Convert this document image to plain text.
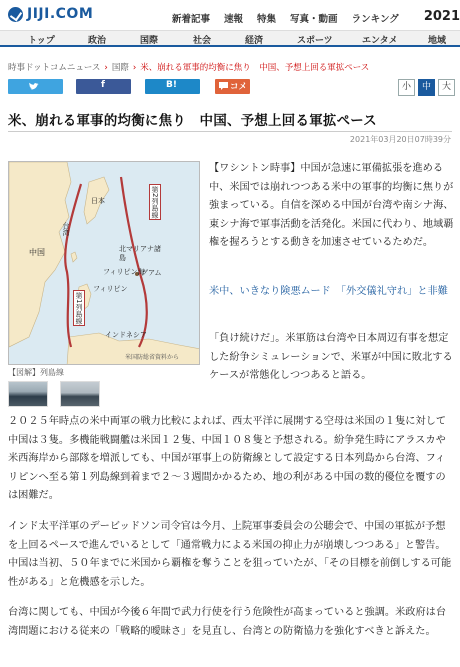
JIJI.COM	新着記事 速報 特集 写真・動画 ランキング 2021
トップ	政治	国際	社会	経済	スポーツ	エンタメ	地域
時事ドットコムニュース › 国際 › 米、崩れる軍事的均衡に焦り　中国、予想上回る軍拡ペース
f	B!	コメント
小	中	大
米、崩れる軍事的均衡に焦り　中国、予想上回る軍拡ペース
2021年03月20日07時39分
中国
日本
台湾
フィリピン
フィリピン海
北マリアナ諸島
グアム
インドネシア
第1列島線
第2列島線
米国防総省資料から
【図解】列島線

【ワシントン時事】中国が急速に軍備拡張を進める中、米国では崩れつつある米中の軍事的均衡に焦りが強まっている。自信を深める中国が台湾や南シナ海、東シナ海で軍事活動を活発化。米国に代わり、地域覇権を握ろうとする動きを加速させているためだ。

米中、いきなり険悪ムード　「外交儀礼守れ」と非難

「負け続けだ」。米軍筋は台湾や日本周辺有事を想定した紛争シミュレーションで、米軍が中国に敗北するケースが常態化しつつあると語る。

２０２５年時点の米中両軍の戦力比較によれば、西太平洋に展開する空母は米国の１隻に対して中国は３隻。多機能戦闘艦は米国１２隻、中国１０８隻と予想される。紛争発生時にアラスカや米西海岸から部隊を増派しても、中国が軍事上の防衛線として設定する日本列島から台湾、フィリピンへ至る第１列島線到着まで２～３週間かかるため、地の利がある中国の数的優位を覆すのは困難だ。

インド太平洋軍のデービッドソン司令官は今月、上院軍事委員会の公聴会で、中国の軍拡が予想を上回るペースで進んでいるとして「通常戦力による米国の抑止力が崩壊しつつある」と警告。中国は当初、５０年までに米国から覇権を奪うことを狙っていたが、「その目標を前倒しする可能性がある」と危機感を示した。

台湾に関しても、中国が今後６年間で武力行使を行う危険性が高まっていると強調。米政府は台湾問題における従来の「戦略的曖昧さ」を見直し、台湾との防衛協力を強化すべきと訴えた。
